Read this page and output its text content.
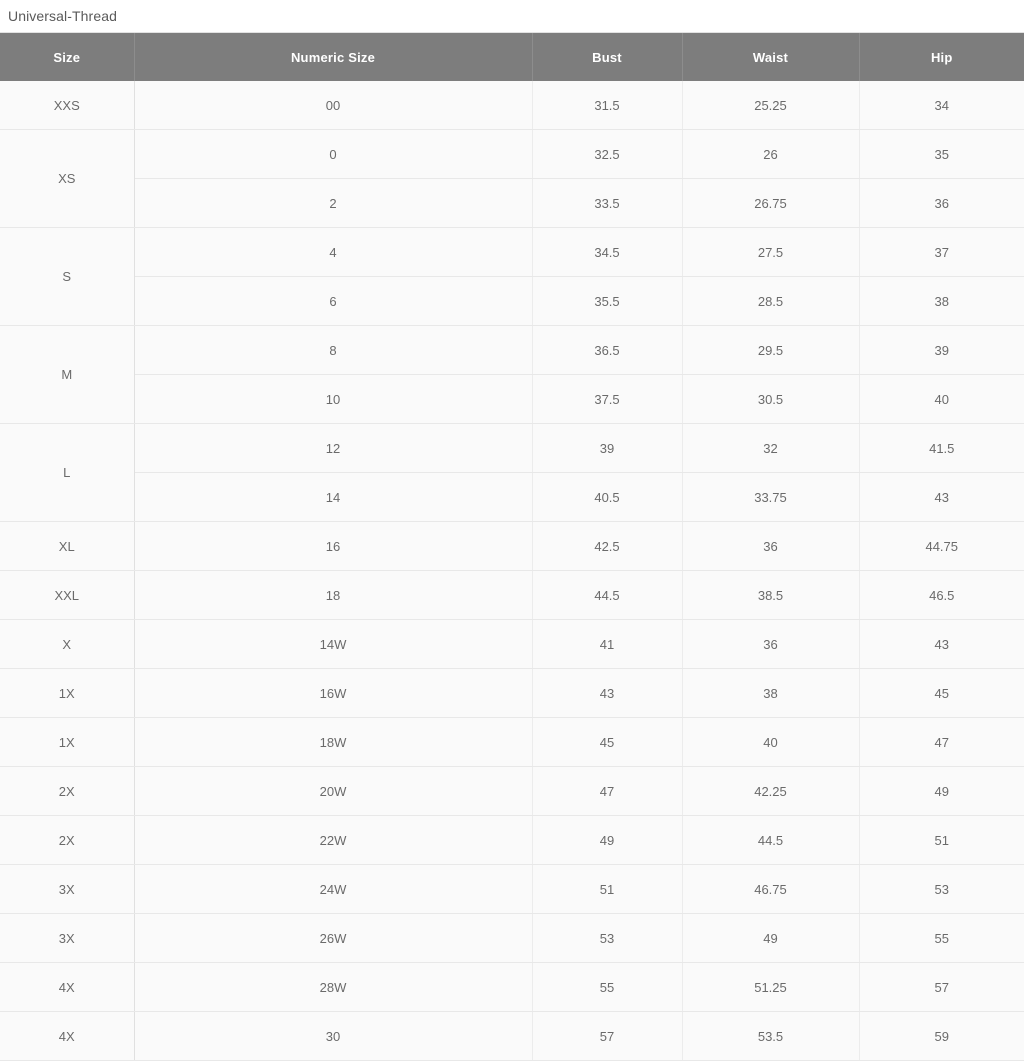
Universal-Thread
Size	Numeric Size	Bust	Waist	Hip
XXS	00	31.5	25.25	34
XS	0	32.5	26	35
	2	33.5	26.75	36
S	4	34.5	27.5	37
	6	35.5	28.5	38
M	8	36.5	29.5	39
	10	37.5	30.5	40
L	12	39	32	41.5
	14	40.5	33.75	43
XL	16	42.5	36	44.75
XXL	18	44.5	38.5	46.5
X	14W	41	36	43
1X	16W	43	38	45
1X	18W	45	40	47
2X	20W	47	42.25	49
2X	22W	49	44.5	51
3X	24W	51	46.75	53
3X	26W	53	49	55
4X	28W	55	51.25	57
4X	30	57	53.5	59
